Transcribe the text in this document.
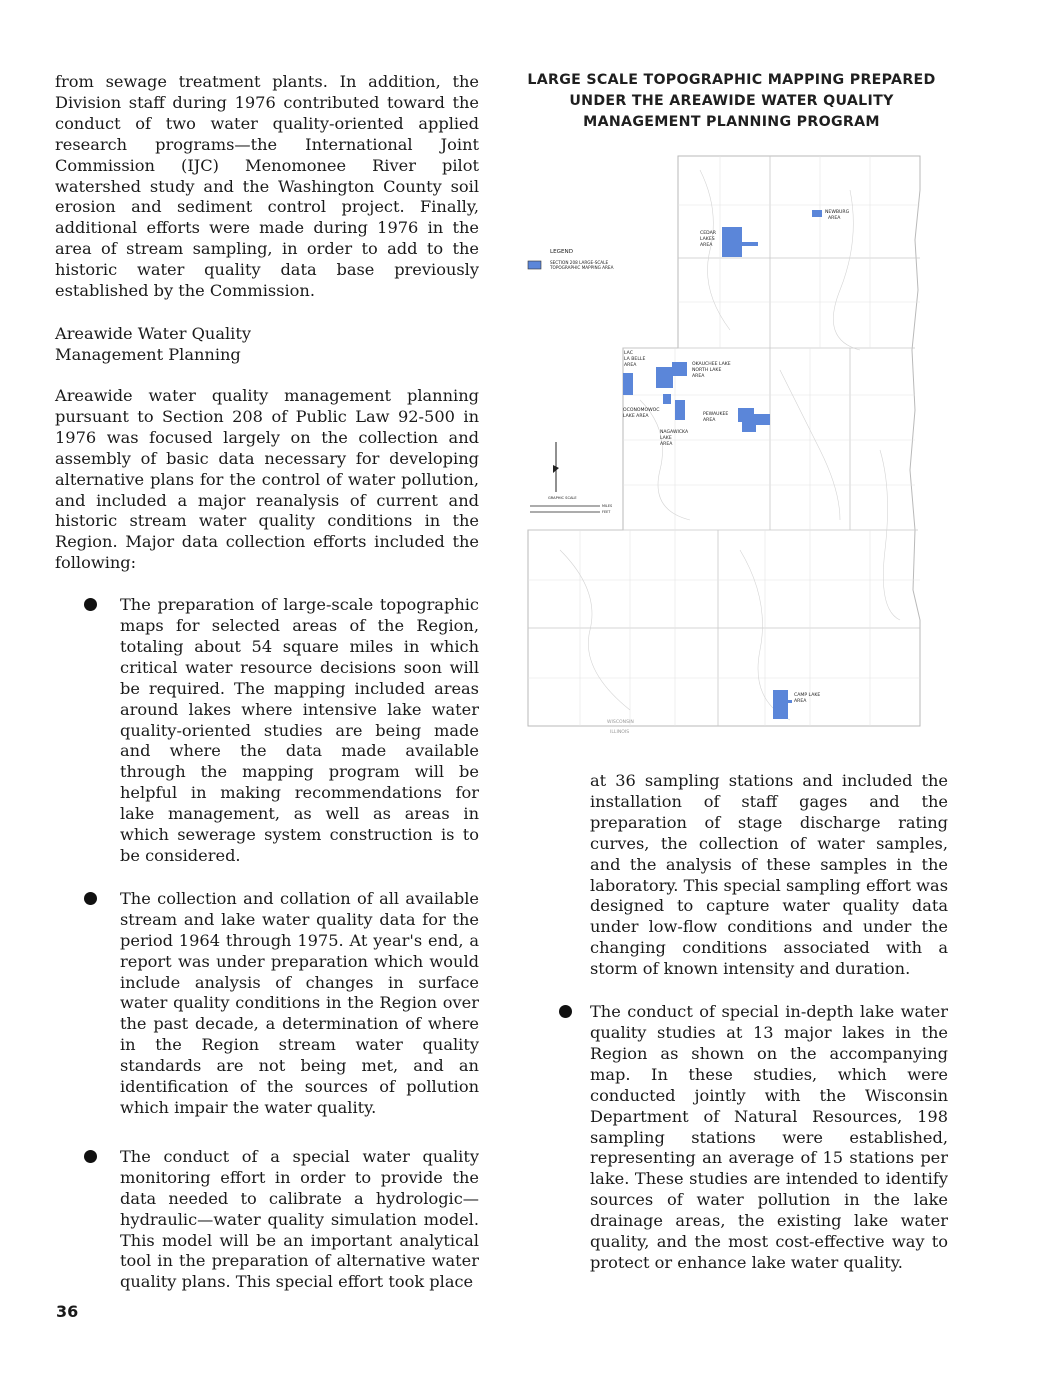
from sewage treatment plants. In addition, the Division staff during 1976 contributed toward the conduct of two water quality-oriented applied research programs—the International Joint Commission (IJC) Menomonee River pilot watershed study and the Washington County soil erosion and sediment control project. Finally, additional efforts were made during 1976 in the area of stream sampling, in order to add to the historic water quality data base previously established by the Commission.

Areawide Water Quality

Management Planning

Areawide water quality management planning pursuant to Section 208 of Public Law 92-500 in 1976 was focused largely on the collection and assembly of basic data necessary for developing alternative plans for the control of water pollution, and included a major reanalysis of current and historic stream water quality conditions in the Region. Major data collection efforts included the following:

The preparation of large-scale topographic maps for selected areas of the Region, totaling about 54 square miles in which critical water resource decisions soon will be required. The mapping included areas around lakes where intensive lake water quality-oriented studies are being made and where the data made available through the mapping program will be helpful in making recommendations for lake management, as well as areas in which sewerage system construction is to be considered.

The collection and collation of all available stream and lake water quality data for the period 1964 through 1975. At year's end, a report was under preparation which would include analysis of changes in surface water quality conditions in the Region over the past decade, a determination of where in the Region stream water quality standards are not being met, and an identification of the sources of pollution which impair the water quality.

The conduct of a special water quality monitoring effort in order to provide the data needed to calibrate a hydrologic—hydraulic—water quality simulation model. This model will be an important analytical tool in the preparation of alternative water quality plans. This special effort took place

LARGE SCALE TOPOGRAPHIC MAPPING PREPARED UNDER THE AREAWIDE WATER QUALITY MANAGEMENT PLANNING PROGRAM
LEGEND
SECTION 208 LARGE-SCALE
TOPOGRAPHIC MAPPING AREA
NEWBURG
AREA
CEDAR
LAKES
AREA
LAC
LA BELLE
AREA	OKAUCHEE LAKE
NORTH LAKE
AREA
OCONOMOWOC
LAKE AREA	PEWAUKEE
AREA
NAGAWICKA
LAKE
AREA
CAMP LAKE
AREA
GRAPHIC SCALE
MILES
FEET
WISCONSIN
ILLINOIS

at 36 sampling stations and included the installation of staff gages and the preparation of stage discharge rating curves, the collection of water samples, and the analysis of these samples in the laboratory. This special sampling effort was designed to capture water quality data under low-flow conditions and under the changing conditions associated with a storm of known intensity and duration.

The conduct of special in-depth lake water quality studies at 13 major lakes in the Region as shown on the accompanying map. In these studies, which were conducted jointly with the Wisconsin Department of Natural Resources, 198 sampling stations were established, representing an average of 15 stations per lake. These studies are intended to identify sources of water pollution in the lake drainage areas, the existing lake water quality, and the most cost-effective way to protect or enhance lake water quality.

36
